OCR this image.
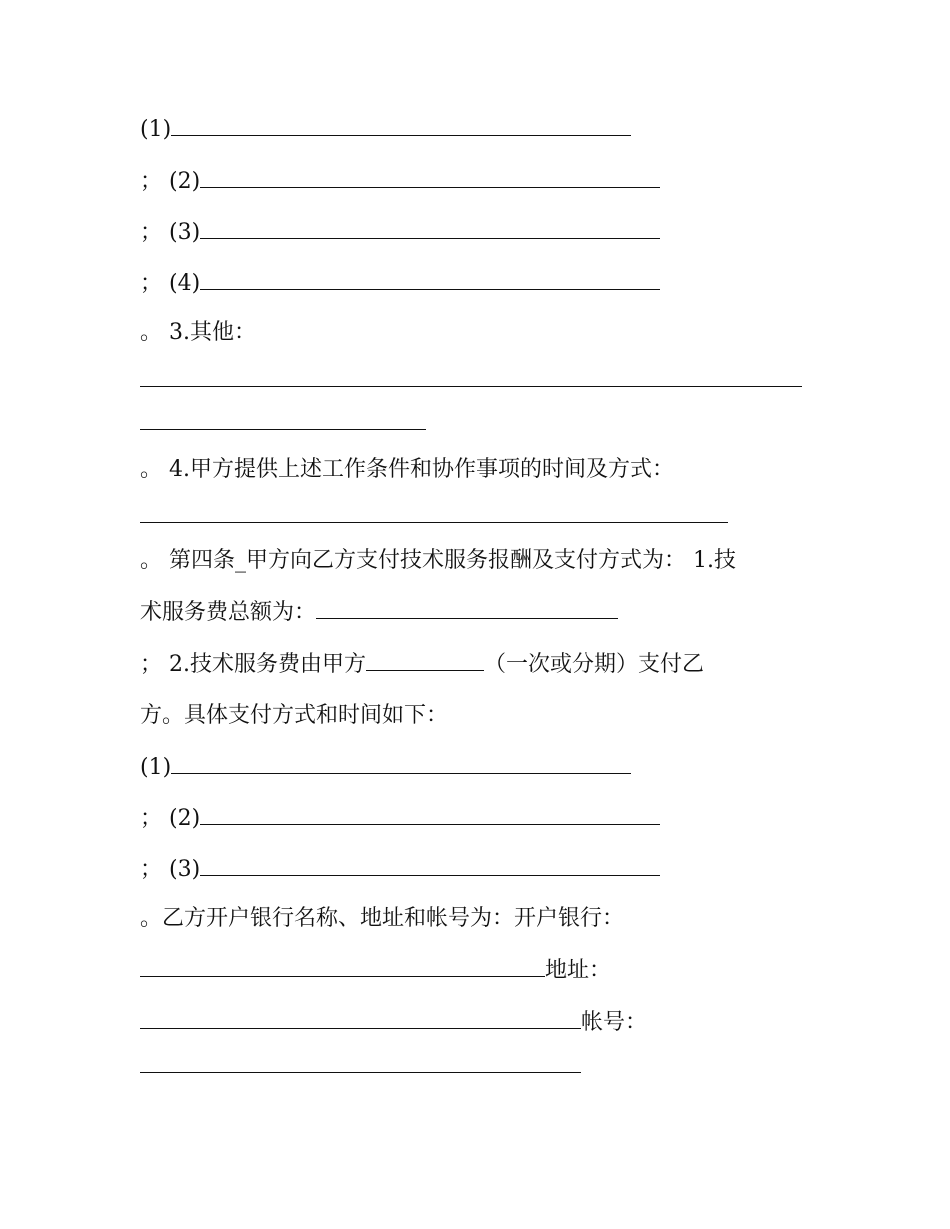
(1)
； (2)
； (3)
； (4)
。 3.其他：
。 4.甲方提供上述工作条件和协作事项的时间及方式：
。 第四条_甲方向乙方支付技术服务报酬及支付方式为： 1.技
术服务费总额为：
； 2.技术服务费由甲方	（一次或分期）支付乙
方。具体支付方式和时间如下：
(1)
； (2)
； (3)
。乙方开户银行名称、地址和帐号为：开户银行：
地址：
帐号：
